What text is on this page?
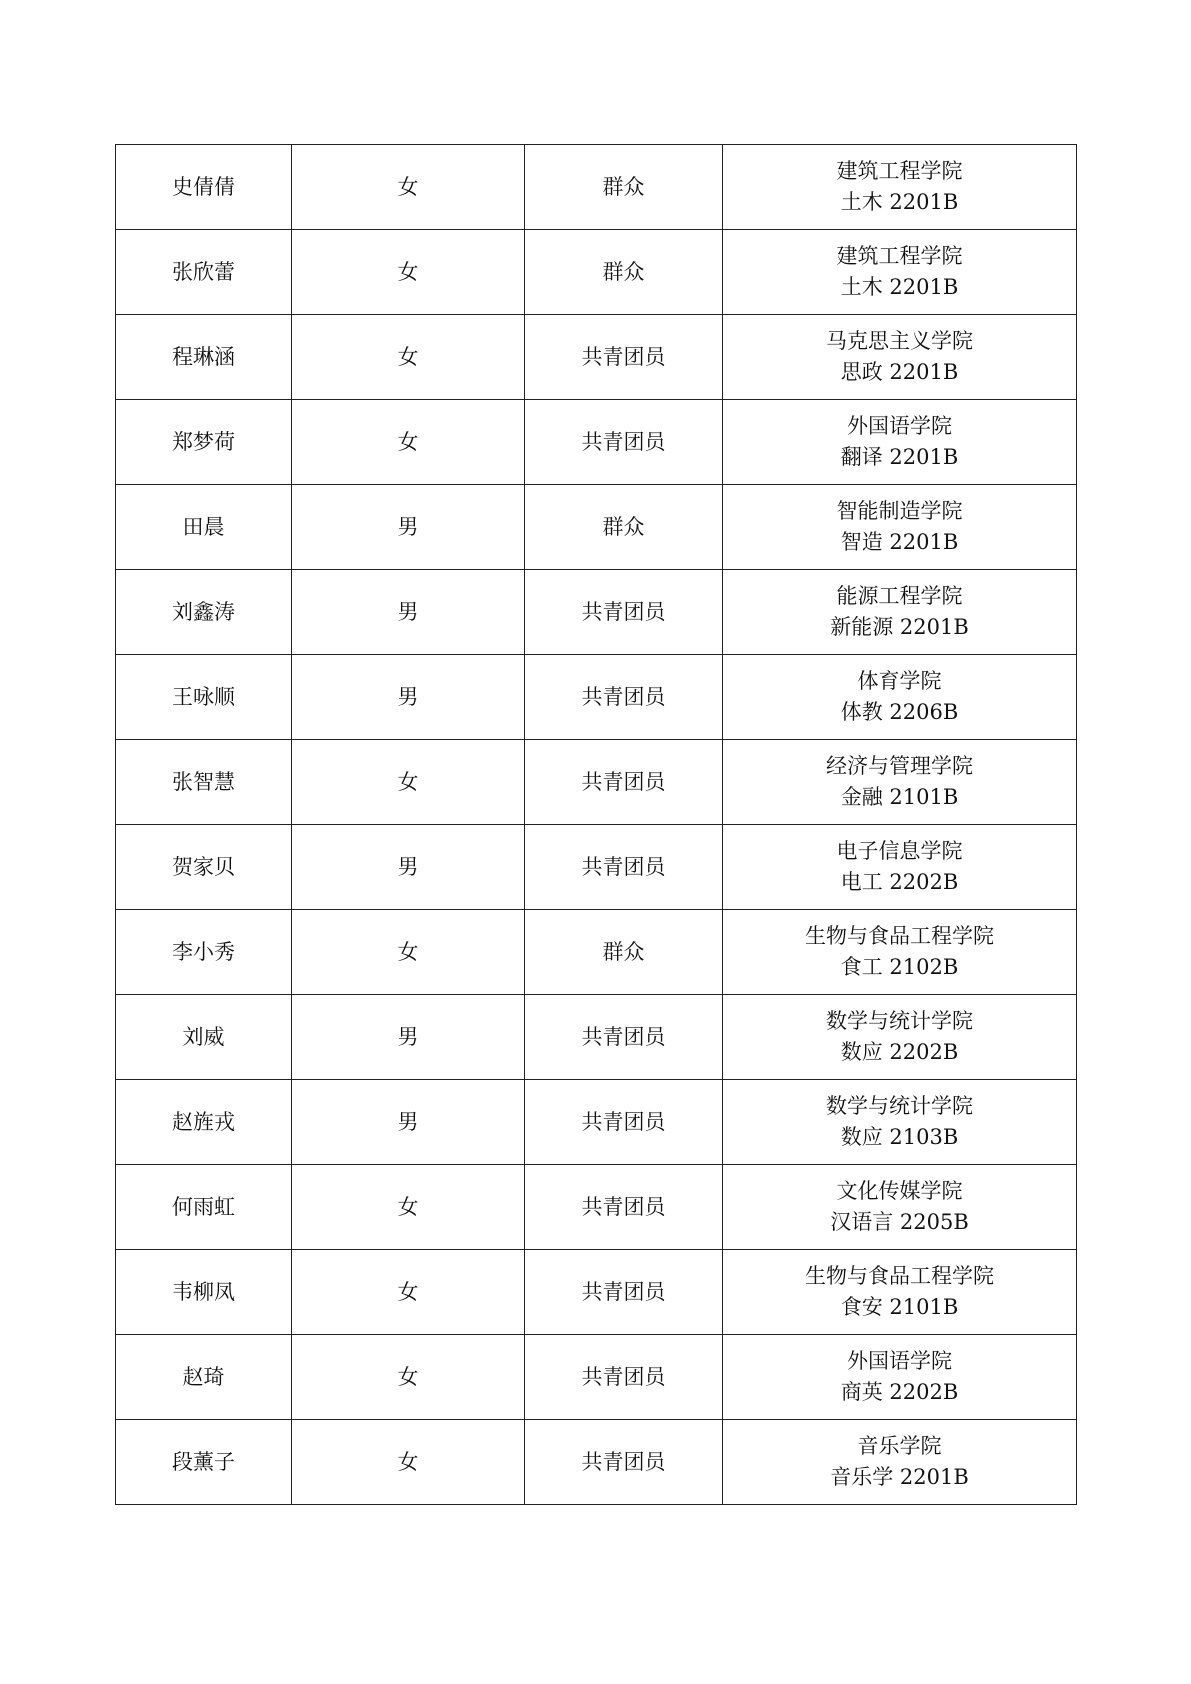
史倩倩	女	群众	建筑工程学院
土木 2201B

张欣蕾	女	群众	建筑工程学院
土木 2201B

程琳涵	女	共青团员	马克思主义学院
思政 2201B

郑梦荷	女	共青团员	外国语学院
翻译 2201B

田晨	男	群众	智能制造学院
智造 2201B

刘鑫涛	男	共青团员	能源工程学院
新能源 2201B

王咏顺	男	共青团员	体育学院
体教 2206B

张智慧	女	共青团员	经济与管理学院
金融 2101B

贺家贝	男	共青团员	电子信息学院
电工 2202B

李小秀	女	群众	生物与食品工程学院
食工 2102B

刘威	男	共青团员	数学与统计学院
数应 2202B

赵旌戎	男	共青团员	数学与统计学院
数应 2103B

何雨虹	女	共青团员	文化传媒学院
汉语言 2205B

韦柳凤	女	共青团员	生物与食品工程学院
食安 2101B

赵琦	女	共青团员	外国语学院
商英 2202B

段薰子	女	共青团员	音乐学院
音乐学 2201B
